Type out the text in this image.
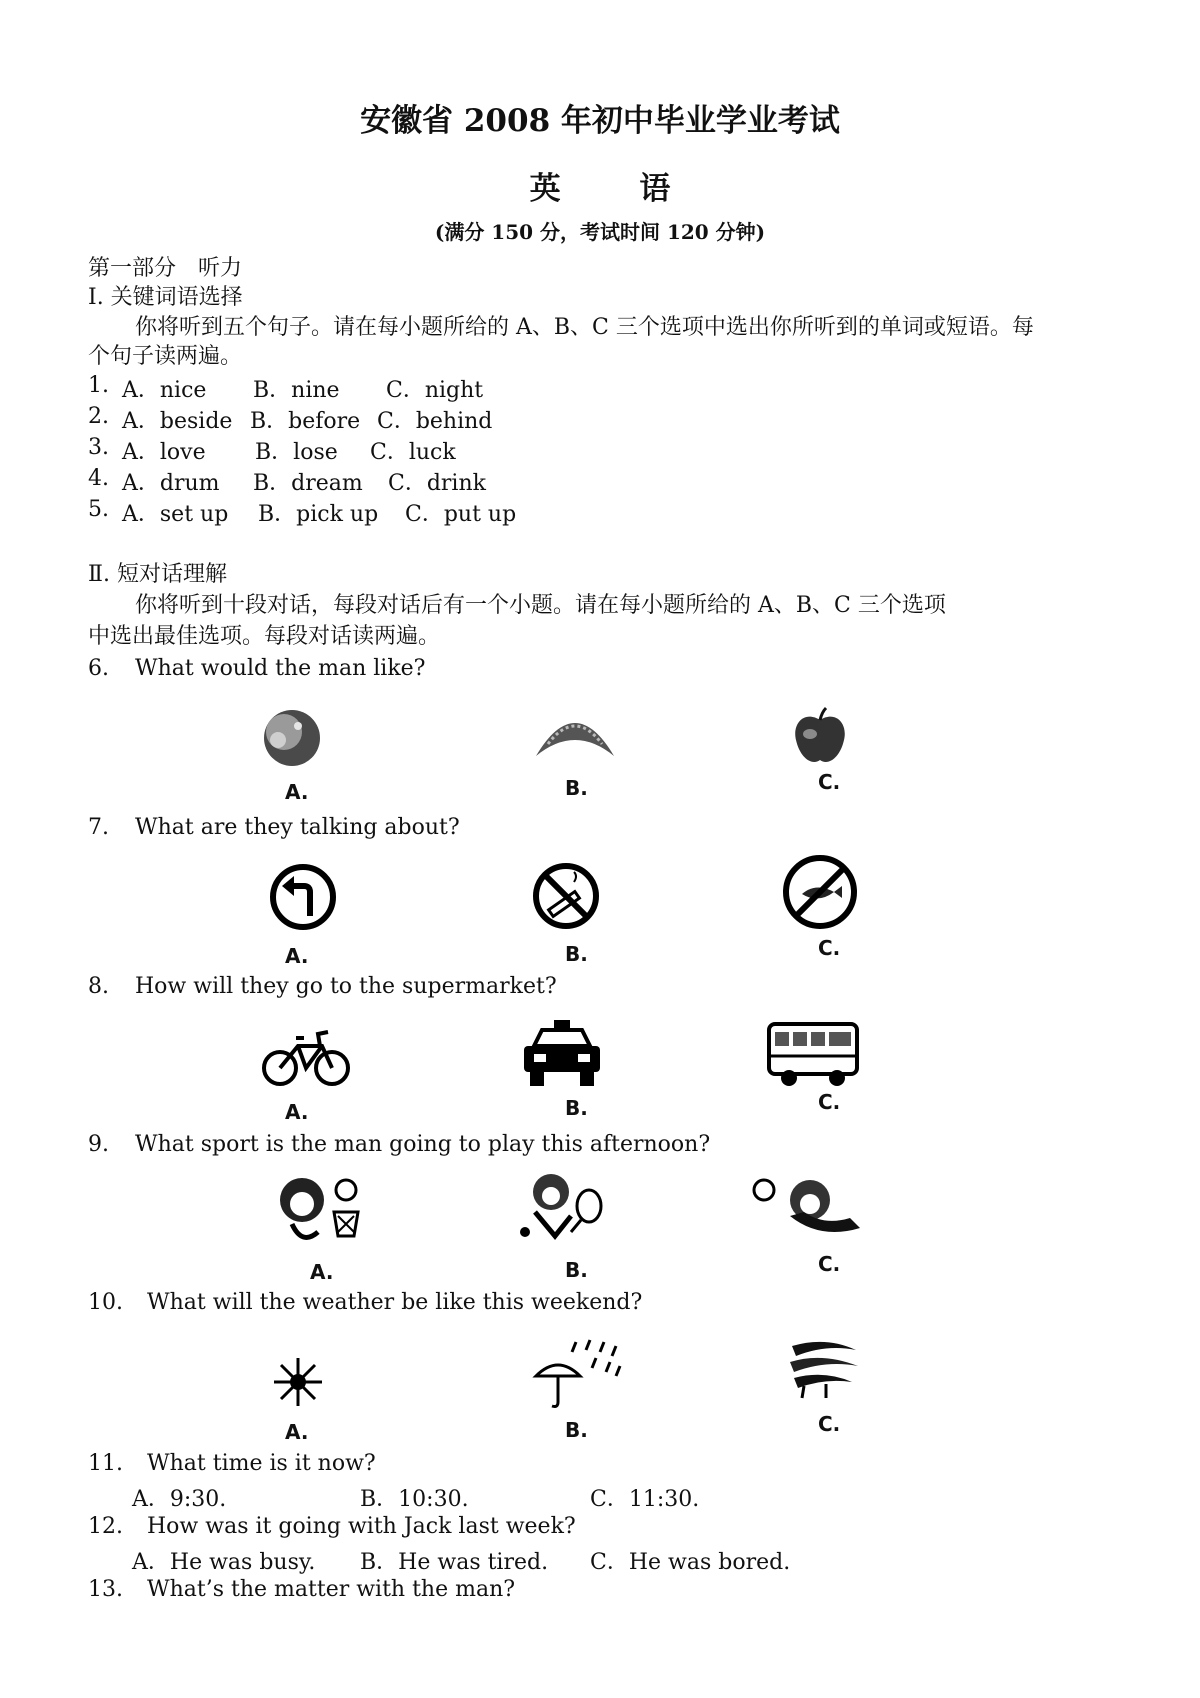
安徽省 2008 年初中毕业学业考试
英 语
(满分 150 分，考试时间 120 分钟)
第一部分　听力
Ⅰ. 关键词语选择
你将听到五个句子。请在每小题所给的 A、B、C 三个选项中选出你所听到的单词或短语。每
个句子读两遍。
1. A．nice B．nine C．night
2. A．beside B．before C．behind
3. A．love B．lose C．luck
4. A．drum B．dream C．drink
5. A．set up B．pick up C．put up
Ⅱ. 短对话理解
你将听到十段对话，每段对话后有一个小题。请在每小题所给的 A、B、C 三个选项
中选出最佳选项。每段对话读两遍。
6. What would the man like?
A.	B.	C.
7. What are they talking about?
A.	B.	C.
8. How will they go to the supermarket?
A.	B.	C.
9. What sport is the man going to play this afternoon?
A.	B.	C.
10. What will the weather be like this weekend?
A.	B.	C.
11. What time is it now?
A．9:30.	B．10:30.	C．11:30.
12. How was it going with Jack last week?
A．He was busy. B．He was tired. C．He was bored.
13. What’s the matter with the man?
